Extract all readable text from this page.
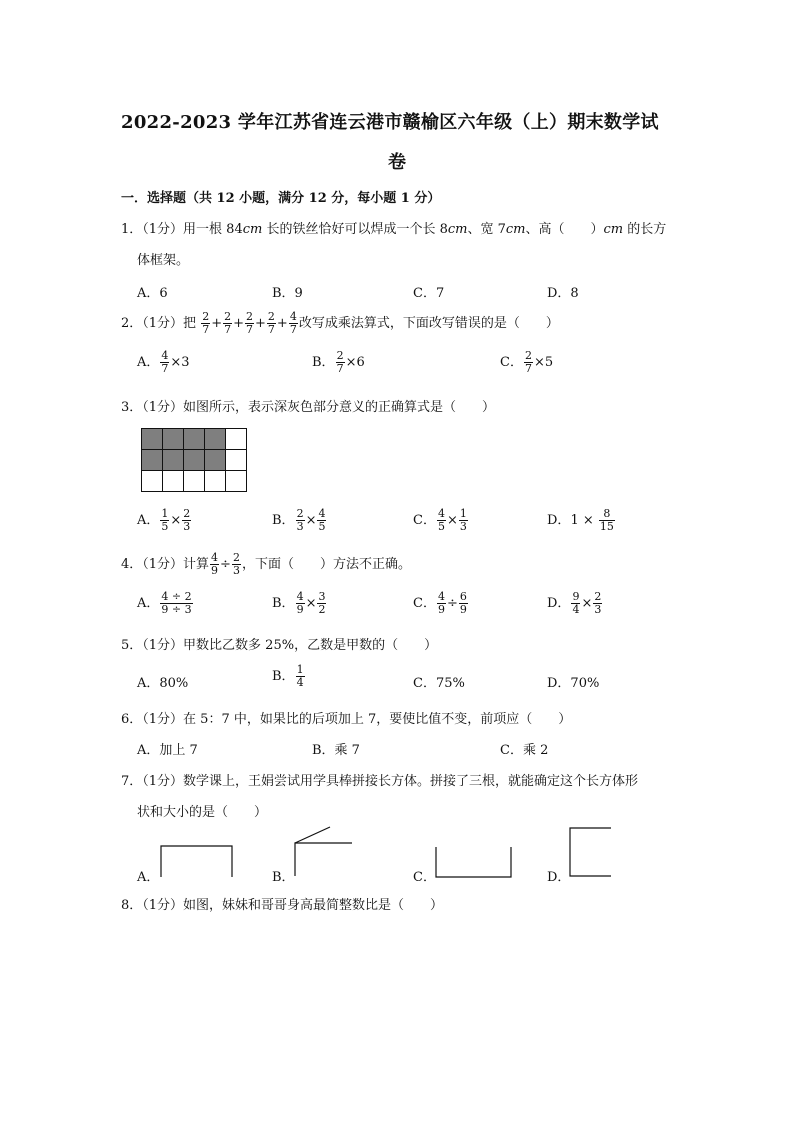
2022-2023 学年江苏省连云港市赣榆区六年级（上）期末数学试
卷
一．选择题（共 12 小题，满分 12 分，每小题 1 分）
1．（1分）用一根 84cm 长的铁丝恰好可以焊成一个长 8cm、宽 7cm、高（　　）cm 的长方
体框架。
A．6	B．9	C．7	D．8
2．（1分）把 $\frac{2}{7} + \frac{2}{7} + \frac{2}{7} + \frac{2}{7} + \frac{4}{7}$ 改写成乘法算式，下面改写错误的是（　　）
A． $\frac{4}{7} \times 3$	B． $\frac{2}{7} \times 6$	C． $\frac{2}{7} \times 5$
3．（1分）如图所示，表示深灰色部分意义的正确算式是（　　）
A． $\frac{1}{5} \times \frac{2}{3}$	B． $\frac{2}{3} \times \frac{4}{5}$	C． $\frac{4}{5} \times \frac{1}{3}$	D．$1 \times \frac{8}{15}$
4．（1分）计算 $\frac{4}{9} \div \frac{2}{3}$ ，下面（　　）方法不正确。
A． $\frac{4 \div 2}{9 \div 3}$	B． $\frac{4}{9} \times \frac{3}{2}$	C． $\frac{4}{9} \div \frac{6}{9}$	D． $\frac{9}{4} \times \frac{2}{3}$
5．（1分）甲数比乙数多 25%，乙数是甲数的（　　）
A．80%	B． $\frac{1}{4}$	C．75%	D．70%
6．（1分）在 5：7 中，如果比的后项加上 7，要使比值不变，前项应（　　）
A．加上 7	B．乘 7	C．乘 2
7．（1分）数学课上，王娟尝试用学具棒拼接长方体。拼接了三根，就能确定这个长方体形
状和大小的是（　　）
A．	B．	C．	D．
8．（1分）如图，妹妹和哥哥身高最简整数比是（　　）
